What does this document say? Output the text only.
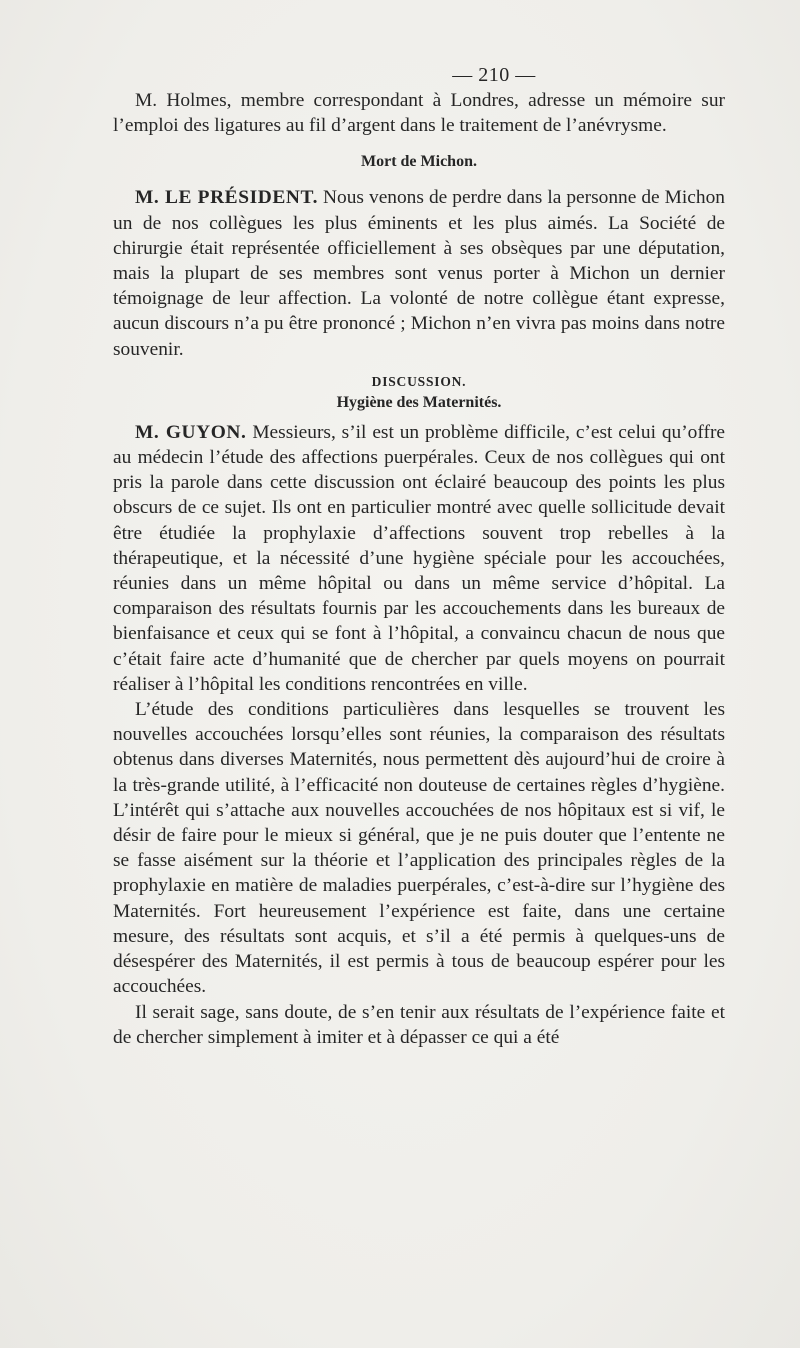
— 210 —

M. Holmes, membre correspondant à Londres, adresse un mémoire sur l’emploi des ligatures au fil d’argent dans le traitement de l’anévrysme.

Mort de Michon.

M. LE PRÉSIDENT. Nous venons de perdre dans la personne de Michon un de nos collègues les plus éminents et les plus aimés. La Société de chirurgie était représentée officiellement à ses obsèques par une députation, mais la plupart de ses membres sont venus porter à Michon un dernier témoignage de leur affection. La volonté de notre collègue étant expresse, aucun discours n’a pu être prononcé ; Michon n’en vivra pas moins dans notre souvenir.

DISCUSSION.
Hygiène des Maternités.

M. GUYON. Messieurs, s’il est un problème difficile, c’est celui qu’offre au médecin l’étude des affections puerpérales. Ceux de nos collègues qui ont pris la parole dans cette discussion ont éclairé beaucoup des points les plus obscurs de ce sujet. Ils ont en particulier montré avec quelle sollicitude devait être étudiée la prophylaxie d’affections souvent trop rebelles à la thérapeutique, et la nécessité d’une hygiène spéciale pour les accouchées, réunies dans un même hôpital ou dans un même service d’hôpital. La comparaison des résultats fournis par les accouchements dans les bureaux de bienfaisance et ceux qui se font à l’hôpital, a convaincu chacun de nous que c’était faire acte d’humanité que de chercher par quels moyens on pourrait réaliser à l’hôpital les conditions rencontrées en ville.

L’étude des conditions particulières dans lesquelles se trouvent les nouvelles accouchées lorsqu’elles sont réunies, la comparaison des résultats obtenus dans diverses Maternités, nous permettent dès aujourd’hui de croire à la très-grande utilité, à l’efficacité non douteuse de certaines règles d’hygiène. L’intérêt qui s’attache aux nouvelles accouchées de nos hôpitaux est si vif, le désir de faire pour le mieux si général, que je ne puis douter que l’entente ne se fasse aisément sur la théorie et l’application des principales règles de la prophylaxie en matière de maladies puerpérales, c’est-à-dire sur l’hygiène des Maternités. Fort heureusement l’expérience est faite, dans une certaine mesure, des résultats sont acquis, et s’il a été permis à quelques-uns de désespérer des Maternités, il est permis à tous de beaucoup espérer pour les accouchées.

Il serait sage, sans doute, de s’en tenir aux résultats de l’expérience faite et de chercher simplement à imiter et à dépasser ce qui a été
